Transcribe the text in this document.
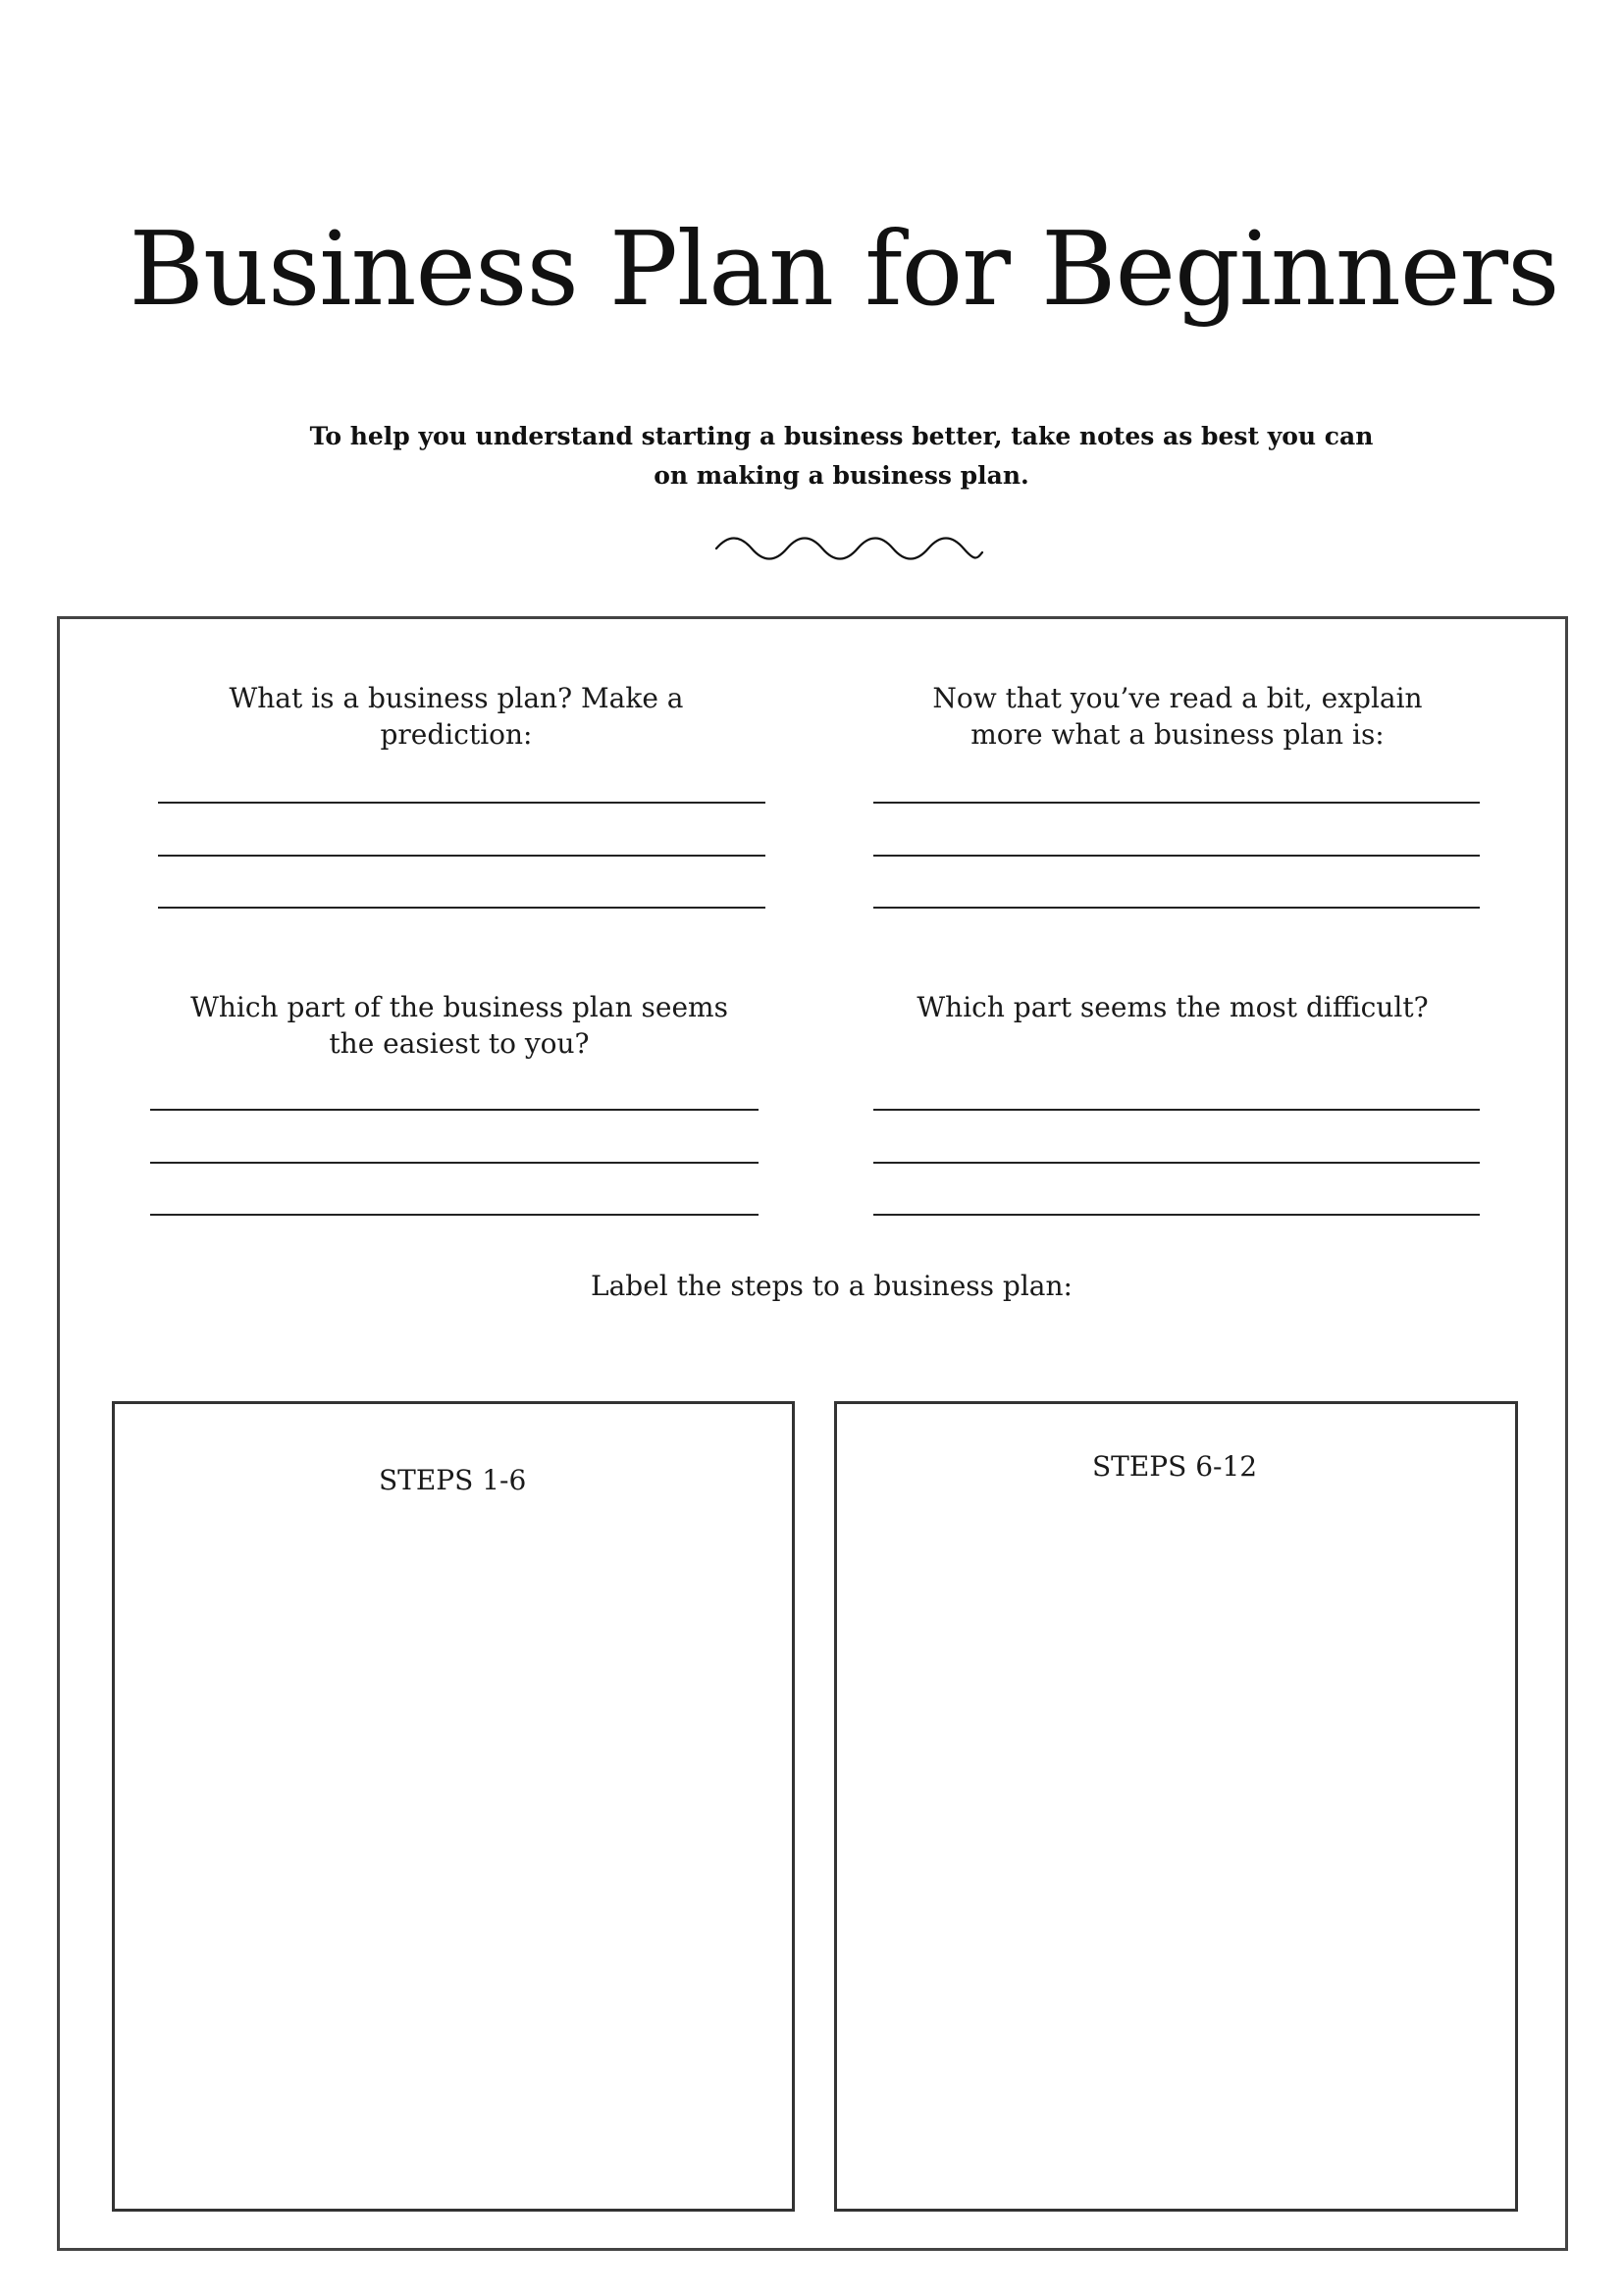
Business Plan for Beginners
To help you understand starting a business better, take notes as best you can on making a business plan.
What is a business plan? Make a prediction:
Now that you’ve read a bit, explain more what a business plan is:
Which part of the business plan seems the easiest to you?
Which part seems the most difficult?
Label the steps to a business plan:
STEPS 1-6	STEPS 6-12
